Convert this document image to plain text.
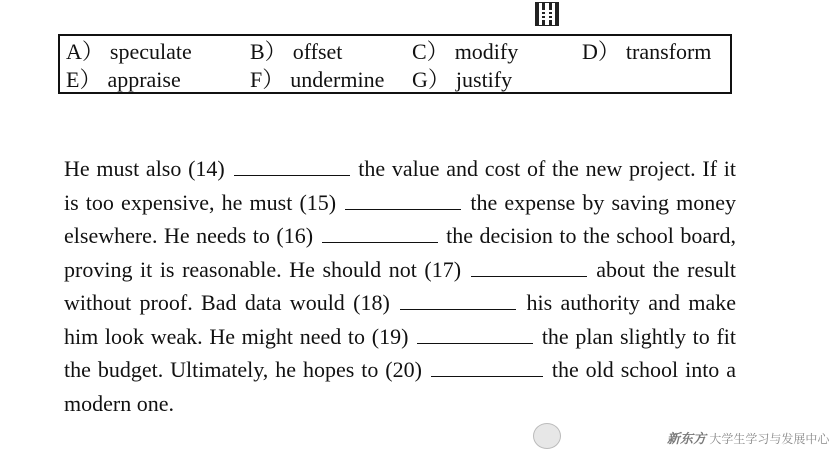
A） speculate	B） offset	C） modify	D） transform
E） appraise	F） undermine G） justify
He must also (14)	the value and cost of the new project. If it is too expensive, he must (15)	the expense by saving money elsewhere. He needs to (16)	the decision to the school board, proving it is reasonable. He should not (17)	about the result without proof. Bad data would (18)	his authority and make him look weak. He might need to (19)	the plan slightly to fit the budget. Ultimately, he hopes to (20)	the old school into a modern one.
新东方 大学生学习与发展中心
